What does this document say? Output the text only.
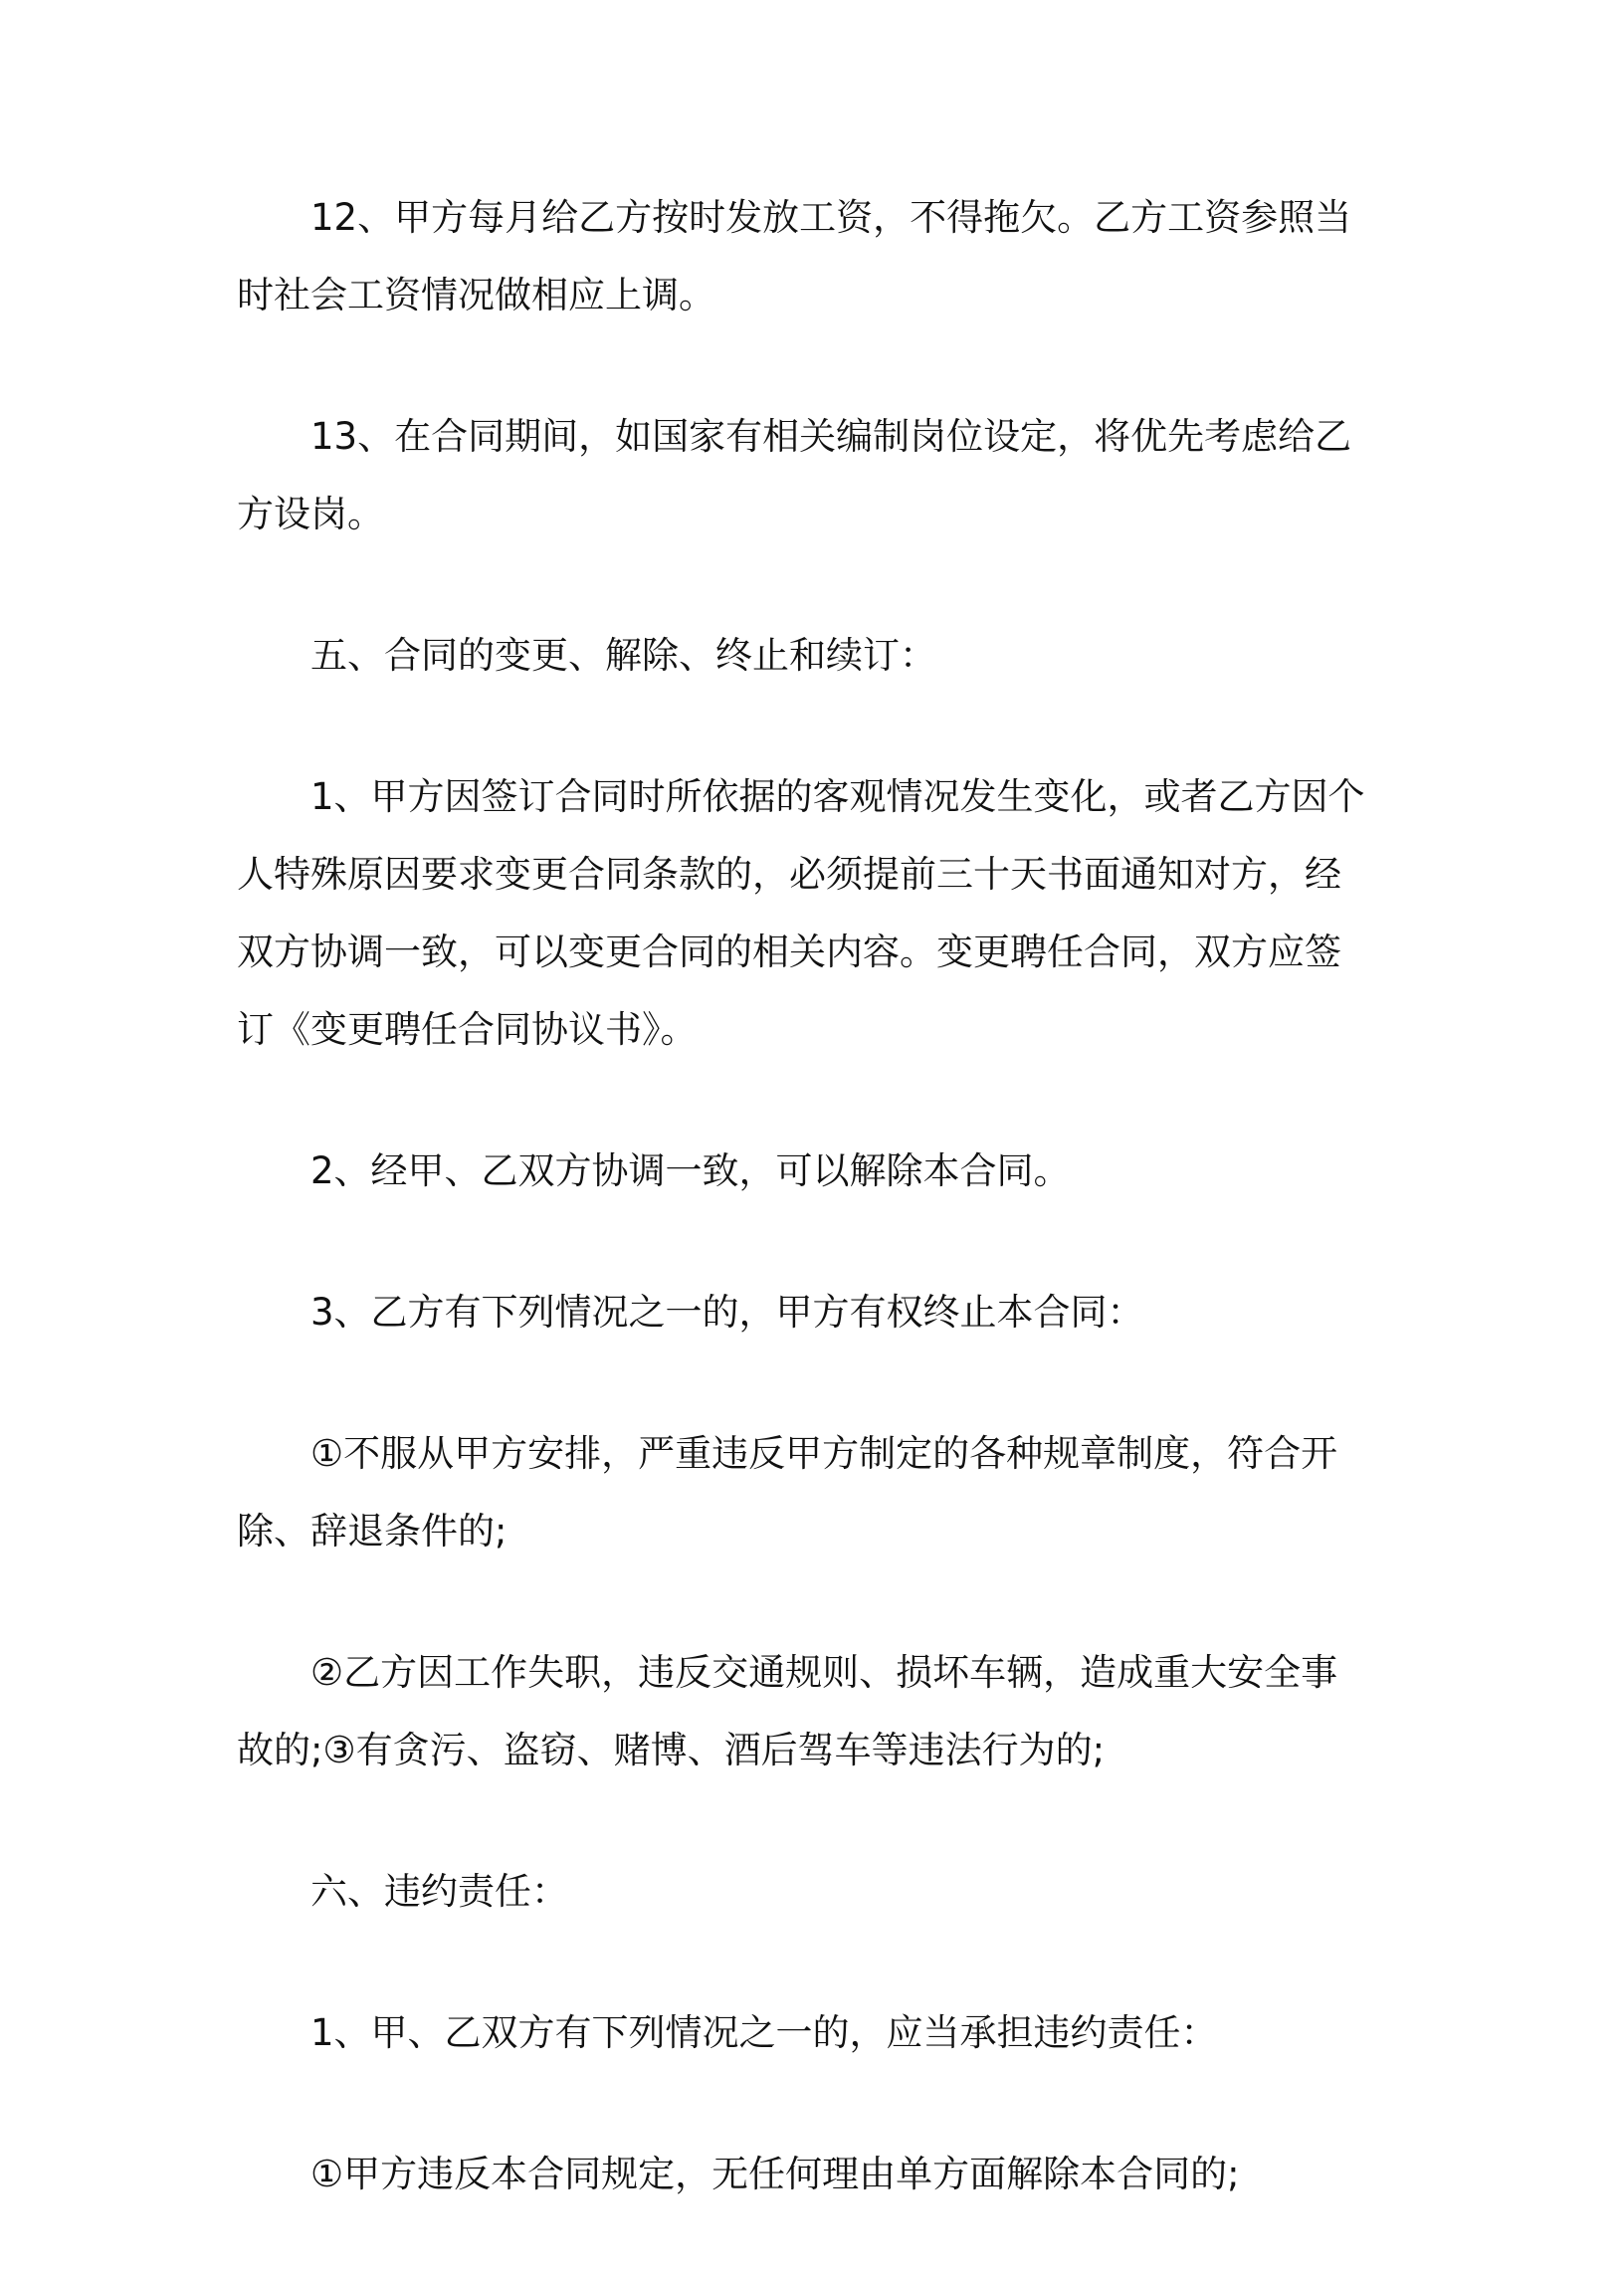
12、甲方每月给乙方按时发放工资，不得拖欠。乙方工资参照当时社会工资情况做相应上调。

13、在合同期间，如国家有相关编制岗位设定，将优先考虑给乙方设岗。

五、合同的变更、解除、终止和续订：

1、甲方因签订合同时所依据的客观情况发生变化，或者乙方因个人特殊原因要求变更合同条款的，必须提前三十天书面通知对方，经双方协调一致，可以变更合同的相关内容。变更聘任合同，双方应签订《变更聘任合同协议书》。

2、经甲、乙双方协调一致，可以解除本合同。

3、乙方有下列情况之一的，甲方有权终止本合同：

①不服从甲方安排，严重违反甲方制定的各种规章制度，符合开除、辞退条件的;

②乙方因工作失职，违反交通规则、损坏车辆，造成重大安全事故的;③有贪污、盗窃、赌博、酒后驾车等违法行为的;

六、违约责任：

1、甲、乙双方有下列情况之一的，应当承担违约责任：

①甲方违反本合同规定，无任何理由单方面解除本合同的;
